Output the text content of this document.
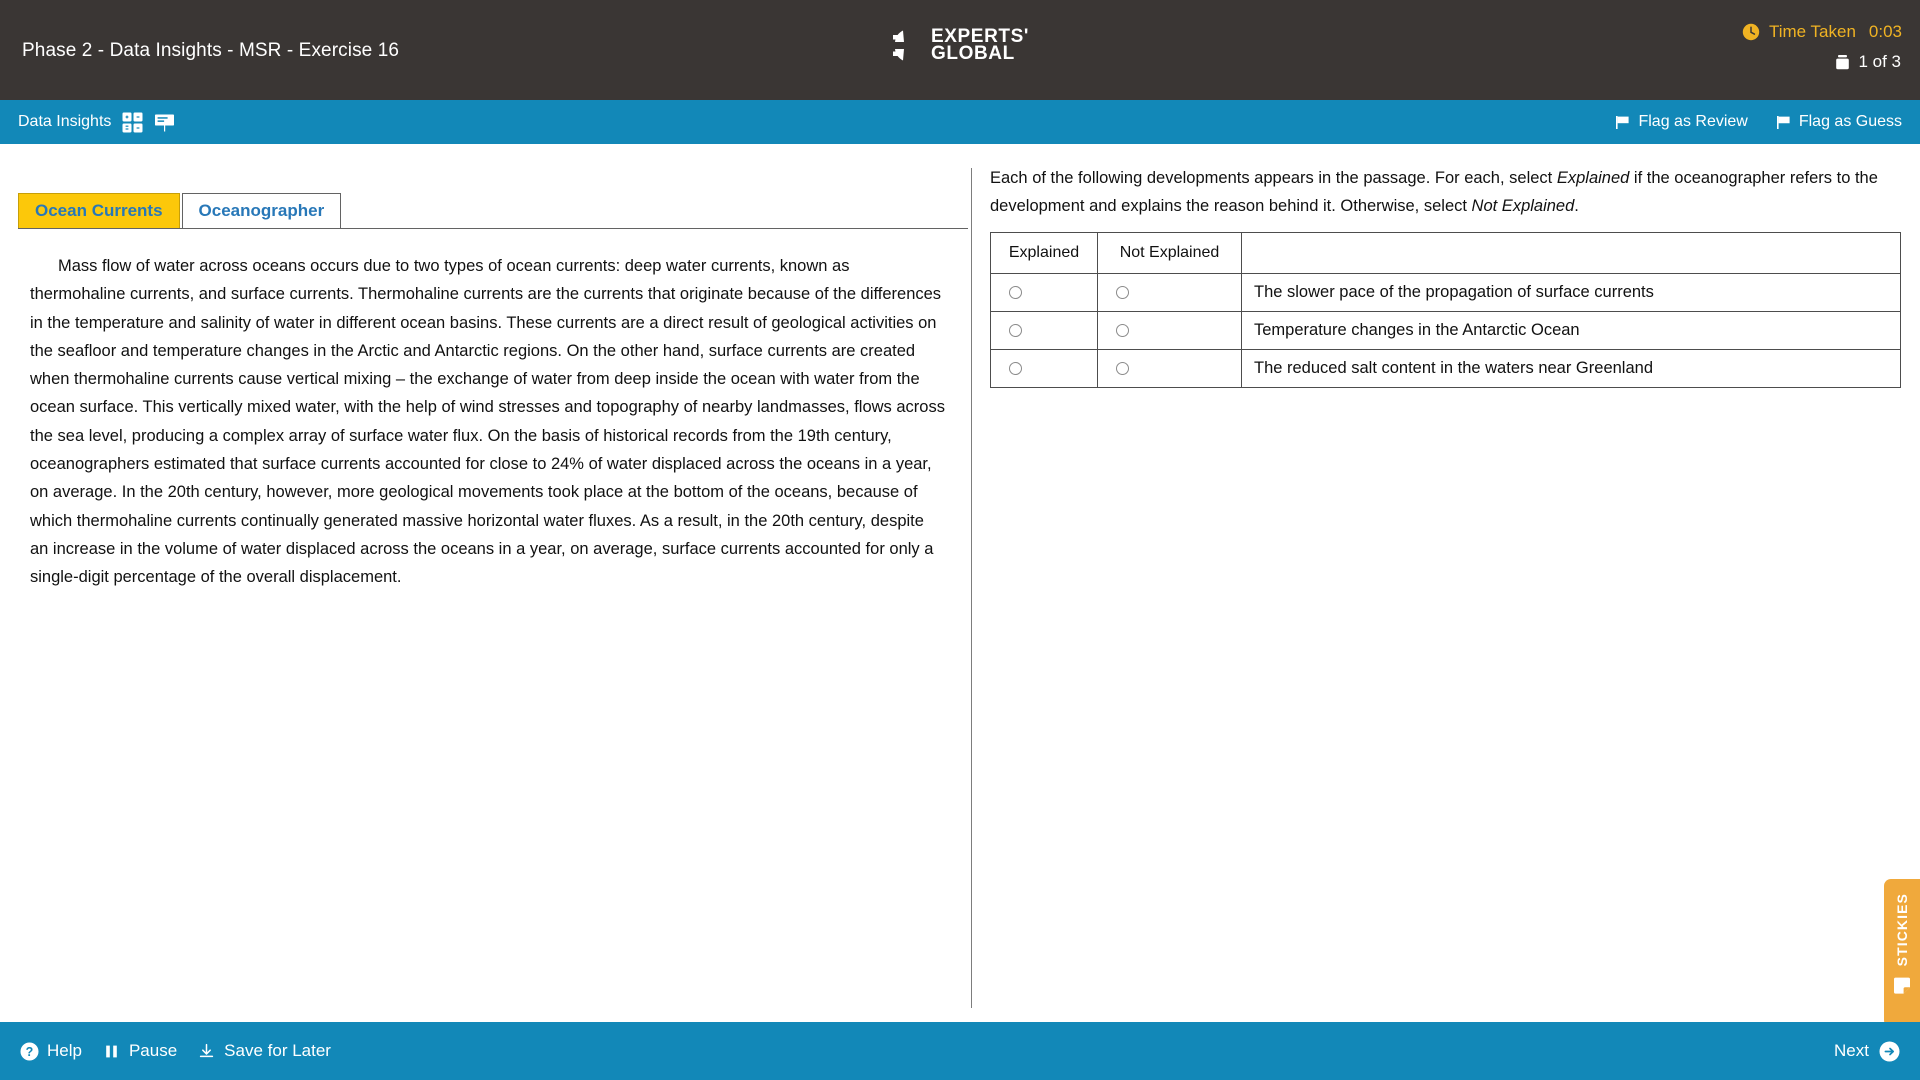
Phase 2 - Data Insights - MSR - Exercise 16
EXPERTS'
GLOBAL
Time Taken 0:03
1 of 3
Data Insights	Flag as Review	Flag as Guess
Ocean Currents Oceanographer

Mass flow of water across oceans occurs due to two types of ocean currents: deep water currents, known as thermohaline currents, and surface currents. Thermohaline currents are the currents that originate because of the differences in the temperature and salinity of water in different ocean basins. These currents are a direct result of geological activities on the seafloor and temperature changes in the Arctic and Antarctic regions. On the other hand, surface currents are created when thermohaline currents cause vertical mixing – the exchange of water from deep inside the ocean with water from the ocean surface. This vertically mixed water, with the help of wind stresses and topography of nearby landmasses, flows across the sea level, producing a complex array of surface water flux. On the basis of historical records from the 19th century, oceanographers estimated that surface currents accounted for close to 24% of water displaced across the oceans in a year, on average. In the 20th century, however, more geological movements took place at the bottom of the oceans, because of which thermohaline currents continually generated massive horizontal water fluxes. As a result, in the 20th century, despite an increase in the volume of water displaced across the oceans in a year, on average, surface currents accounted for only a single-digit percentage of the overall displacement.

Each of the following developments appears in the passage. For each, select Explained if the oceanographer refers to the development and explains the reason behind it. Otherwise, select Not Explained.
Explained	Not Explained	
		The slower pace of the propagation of surface currents
		Temperature changes in the Antarctic Ocean
		The reduced salt content in the waters near Greenland
STICKIES
? Help	Pause	Save for Later	Next
